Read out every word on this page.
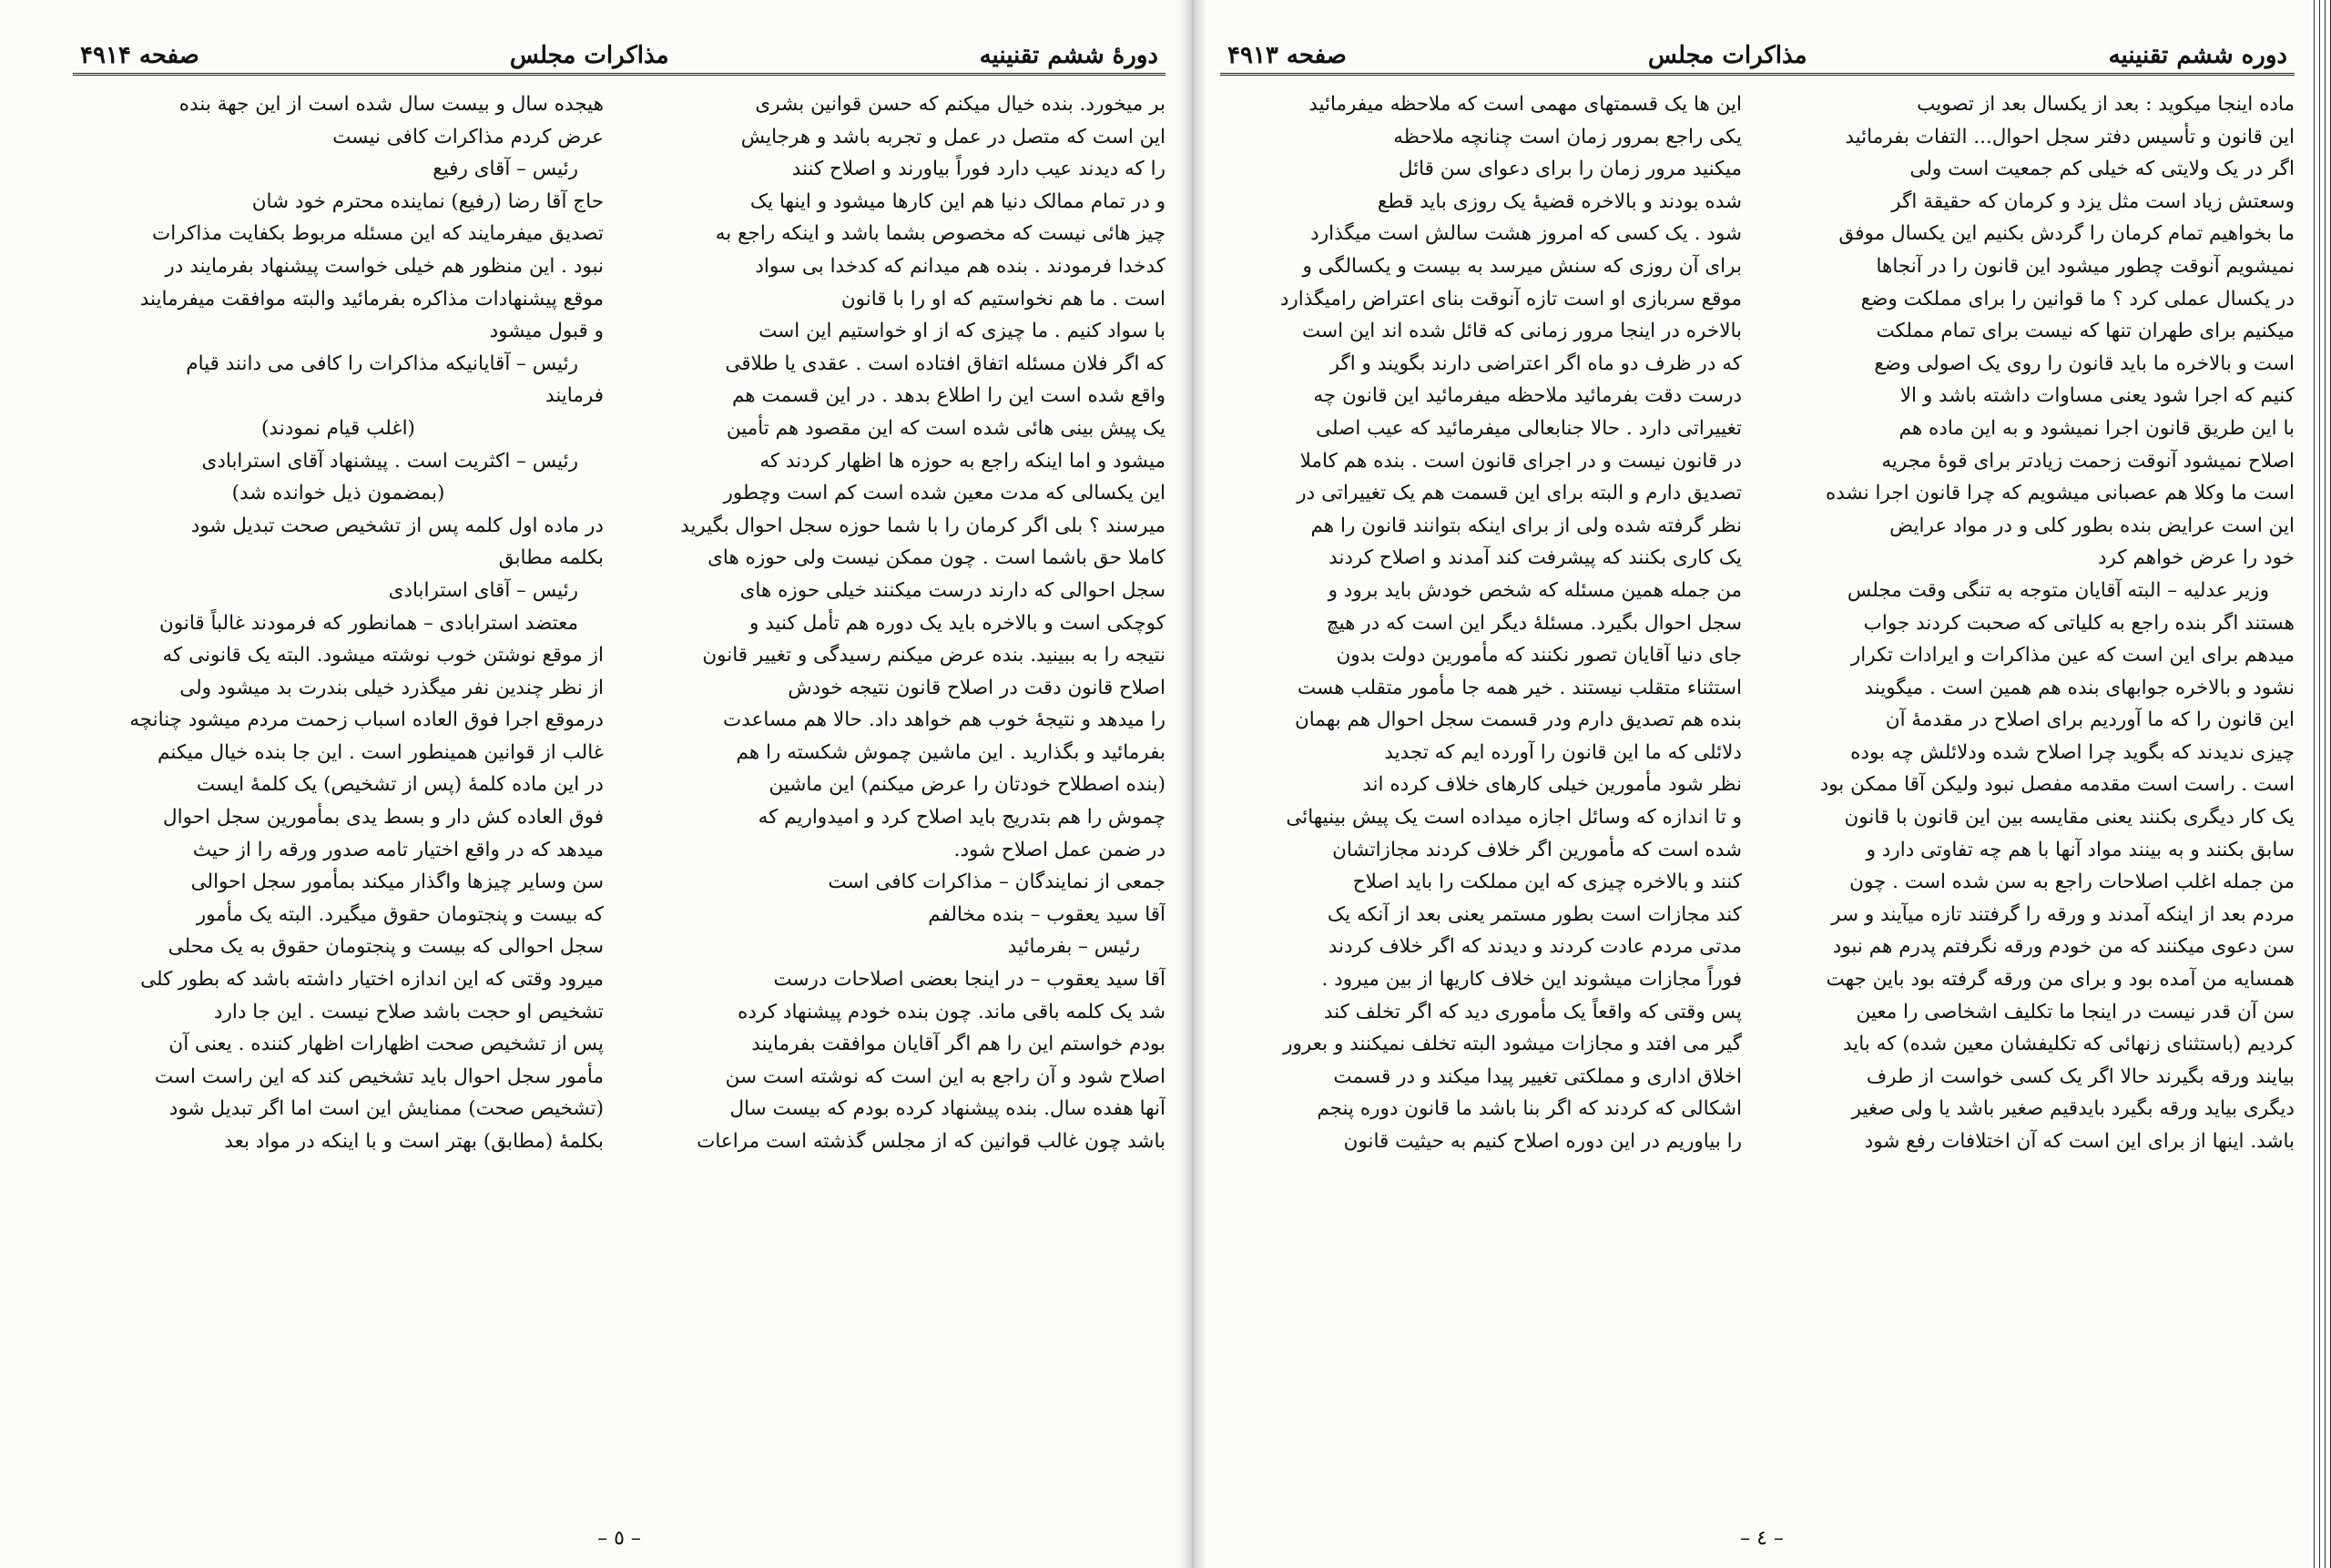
دورۀ ششم تقنینیه
مذاکرات مجلس
صفحه ۴۹۱۴

بر میخورد. بنده خیال میکنم که حسن قوانین بشری

این است که متصل در عمل و تجربه باشد و هرجایش

را که دیدند عیب دارد فوراً بیاورند و اصلاح کنند

و در تمام ممالک دنیا هم این کارها میشود و اینها یک

چیز هائی نیست که مخصوص بشما باشد و اینکه راجع به

کدخدا فرمودند . بنده هم میدانم که کدخدا بی سواد

است . ما هم نخواستیم که او را با قانون

با سواد کنیم . ما چیزی که از او خواستیم این است

که اگر فلان مسئله اتفاق افتاده است . عقدی یا طلاقی

واقع شده است این را اطلاع بدهد . در این قسمت هم

یک پیش بینی هائی شده است که این مقصود هم تأمین

میشود و اما اینکه راجع به حوزه ها اظهار کردند که

این یکسالی که مدت معین شده است کم است وچطور

میرسند ؟ بلی اگر کرمان را با شما حوزه سجل احوال بگیرید

کاملا حق باشما است . چون ممکن نیست ولی حوزه های

سجل احوالی که دارند درست میکنند خیلی حوزه های

کوچکی است و بالاخره باید یک دوره هم تأمل کنید و

نتیجه را به ببینید. بنده عرض میکنم رسیدگی و تغییر قانون

اصلاح قانون دقت در اصلاح قانون نتیجه خودش

را میدهد و نتیجۀ خوب هم خواهد داد. حالا هم مساعدت

بفرمائید و بگذارید . این ماشین چموش شکسته را هم

(بنده اصطلاح خودتان را عرض میکنم) این ماشین

چموش را هم بتدریج باید اصلاح کرد و امیدواریم که

در ضمن عمل اصلاح شود.

جمعی از نمایندگان – مذاکرات کافی است

آقا سید یعقوب – بنده مخالفم

رئیس – بفرمائید

آقا سید یعقوب – در اینجا بعضی اصلاحات درست

شد یک کلمه باقی ماند. چون بنده خودم پیشنهاد کرده

بودم خواستم این را هم اگر آقایان موافقت بفرمایند

اصلاح شود و آن راجع به این است که نوشته است سن

آنها هفده سال. بنده پیشنهاد کرده بودم که بیست سال

باشد چون غالب قوانین که از مجلس گذشته است مراعات

هیجده سال و بیست سال شده است از این جهة بنده

عرض کردم مذاکرات کافی نیست

رئیس – آقای رفیع

حاج آقا رضا (رفیع) نماینده محترم خود شان

تصدیق میفرمایند که این مسئله مربوط بکفایت مذاکرات

نبود . این منظور هم خیلی خواست پیشنهاد بفرمایند در

موقع پیشنهادات مذاکره بفرمائید والبته موافقت میفرمایند

و قبول میشود

رئیس – آقایانیکه مذاکرات را کافی می دانند قیام

فرمایند

(اغلب قیام نمودند)

رئیس – اکثریت است . پیشنهاد آقای استرابادی

(بمضمون ذیل خوانده شد)

در ماده اول کلمه پس از تشخیص صحت تبدیل شود

بکلمه مطابق

رئیس – آقای استرابادی

معتضد استرابادی – همانطور که فرمودند غالباً قانون

از موقع نوشتن خوب نوشته میشود. البته یک قانونی که

از نظر چندین نفر میگذرد خیلی بندرت بد میشود ولی

درموقع اجرا فوق العاده اسباب زحمت مردم میشود چنانچه

غالب از قوانین همینطور است . این جا بنده خیال میکنم

در این ماده کلمۀ (پس از تشخیص) یک کلمۀ ایست

فوق العاده کش دار و بسط یدی بمأمورین سجل احوال

میدهد که در واقع اختیار تامه صدور ورقه را از حیث

سن وسایر چیزها واگذار میکند بمأمور سجل احوالی

که بیست و پنجتومان حقوق میگیرد. البته یک مأمور

سجل احوالی که بیست و پنجتومان حقوق به یک محلی

میرود وقتی که این اندازه اختیار داشته باشد که بطور کلی

تشخیص او حجت باشد صلاح نیست . این جا دارد

پس از تشخیص صحت اظهارات اظهار کننده . یعنی آن

مأمور سجل احوال باید تشخیص کند که این راست است

(تشخیص صحت) ممنایش این است اما اگر تبدیل شود

بکلمۀ (مطابق) بهتر است و با اینکه در مواد بعد

– ٥ –
دوره ششم تقنینیه
مذاکرات مجلس
صفحه ۴۹۱۳

ماده اینجا میکوید : بعد از یکسال بعد از تصویب

این قانون و تأسیس دفتر سجل احوال... التفات بفرمائید

اگر در یک ولایتی که خیلی کم جمعیت است ولی

وسعتش زیاد است مثل یزد و کرمان که حقیقة اگر

ما بخواهیم تمام کرمان را گردش بکنیم این یکسال موفق

نمیشویم آنوقت چطور میشود این قانون را در آنجاها

در یکسال عملی کرد ؟ ما قوانین را برای مملکت وضع

میکنیم برای طهران تنها که نیست برای تمام مملکت

است و بالاخره ما باید قانون را روی یک اصولی وضع

کنیم که اجرا شود یعنی مساوات داشته باشد و الا

با این طریق قانون اجرا نمیشود و به این ماده هم

اصلاح نمیشود آنوقت زحمت زیادتر برای قوۀ مجریه

است ما وکلا هم عصبانی میشویم که چرا قانون اجرا نشده

این است عرایض بنده بطور کلی و در مواد عرایض

خود را عرض خواهم کرد

وزیر عدلیه – البته آقایان متوجه به تنگی وقت مجلس

هستند اگر بنده راجع به کلیاتی که صحبت کردند جواب

میدهم برای این است که عین مذاکرات و ایرادات تکرار

نشود و بالاخره جوابهای بنده هم همین است . میگویند

این قانون را که ما آوردیم برای اصلاح در مقدمۀ آن

چیزی ندیدند که بگوید چرا اصلاح شده ودلائلش چه بوده

است . راست است مقدمه مفصل نبود ولیکن آقا ممکن بود

یک کار دیگری بکنند یعنی مقایسه بین این قانون با قانون

سابق بکنند و به بینند مواد آنها با هم چه تفاوتی دارد و

من جمله اغلب اصلاحات راجع به سن شده است . چون

مردم بعد از اینکه آمدند و ورقه را گرفتند تازه میآیند و سر

سن دعوی میکنند که من خودم ورقه نگرفتم پدرم هم نبود

همسایه من آمده بود و برای من ورقه گرفته بود باین جهت

سن آن قدر نیست در اینجا ما تکلیف اشخاصی را معین

کردیم (باستثنای زنهائی که تکلیفشان معین شده) که باید

بیایند ورقه بگیرند حالا اگر یک کسی خواست از طرف

دیگری بیاید ورقه بگیرد بایدقیم صغیر باشد یا ولی صغیر

باشد. اینها از برای این است که آن اختلافات رفع شود

این ها یک قسمتهای مهمی است که ملاحظه میفرمائید

یکی راجع بمرور زمان است چنانچه ملاحظه

میکنید مرور زمان را برای دعوای سن قائل

شده بودند و بالاخره قضیۀ یک روزی باید قطع

شود . یک کسی که امروز هشت سالش است میگذارد

برای آن روزی که سنش میرسد به بیست و یکسالگی و

موقع سربازی او است تازه آنوقت بنای اعتراض رامیگذارد

بالاخره در اینجا مرور زمانی که قائل شده اند این است

که در ظرف دو ماه اگر اعتراضی دارند بگویند و اگر

درست دقت بفرمائید ملاحظه میفرمائید این قانون چه

تغییراتی دارد . حالا جنابعالی میفرمائید که عیب اصلی

در قانون نیست و در اجرای قانون است . بنده هم کاملا

تصدیق دارم و البته برای این قسمت هم یک تغییراتی در

نظر گرفته شده ولی از برای اینکه بتوانند قانون را هم

یک کاری بکنند که پیشرفت کند آمدند و اصلاح کردند

من جمله همین مسئله که شخص خودش باید برود و

سجل احوال بگیرد. مسئلۀ دیگر این است که در هیچ

جای دنیا آقایان تصور نکنند که مأمورین دولت بدون

استثناء متقلب نیستند . خیر همه جا مأمور متقلب هست

بنده هم تصدیق دارم ودر قسمت سجل احوال هم بهمان

دلائلی که ما این قانون را آورده ایم که تجدید

نظر شود مأمورین خیلی کارهای خلاف کرده اند

و تا اندازه که وسائل اجازه میداده است یک پیش بینیهائی

شده است که مأمورین اگر خلاف کردند مجازاتشان

کنند و بالاخره چیزی که این مملکت را باید اصلاح

کند مجازات است بطور مستمر یعنی بعد از آنکه یک

مدتی مردم عادت کردند و دیدند که اگر خلاف کردند

فوراً مجازات میشوند این خلاف کاریها از بین میرود .

پس وقتی که واقعاً یک مأموری دید که اگر تخلف کند

گیر می افتد و مجازات میشود البته تخلف نمیکنند و بعرور

اخلاق اداری و مملکتی تغییر پیدا میکند و در قسمت

اشکالی که کردند که اگر بنا باشد ما قانون دوره پنجم

را بیاوریم در این دوره اصلاح کنیم به حیثیت قانون

– ٤ –
